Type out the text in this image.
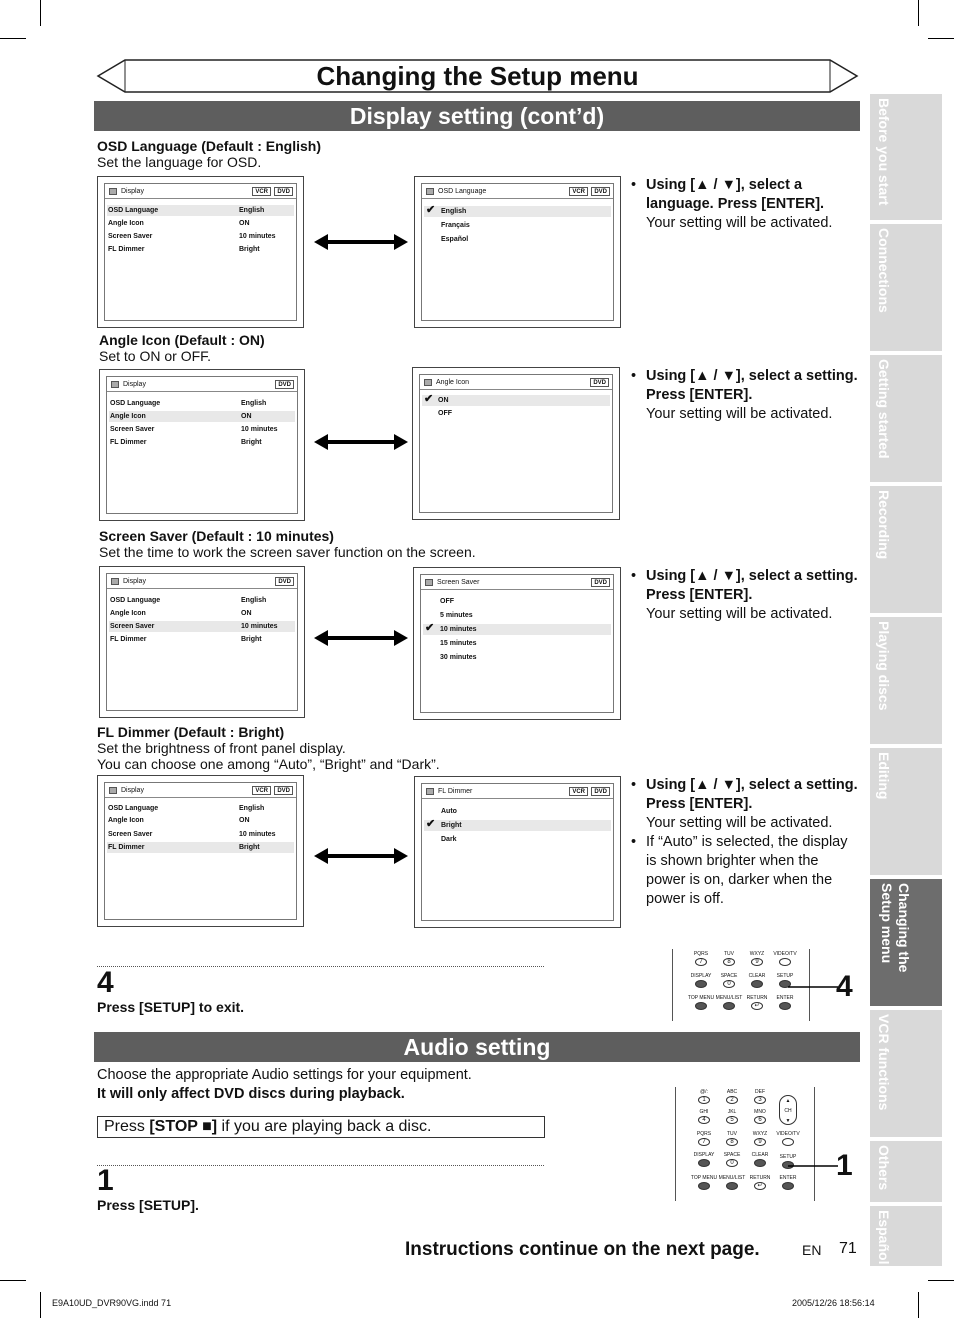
Changing the Setup menu
Display setting (cont’d)	Before you start
Connections
Getting started
Recording
Playing discs
Editing
Changing the
Setup menu
VCR functions
Others
Español
OSD Language (Default : English)
Set the language for OSD.
Display	VCR	DVD
OSD Language	English
Angle Icon	ON
Screen Saver	10 minutes
FL Dimmer	Bright
OSD Language	VCR	DVD
✔ English
Français
Español
• Using [▲ / ▼], select a language. Press [ENTER].
Your setting will be activated.
Angle Icon (Default : ON)
Set to ON or OFF.
Display	DVD
OSD Language	English
Angle Icon	ON
Screen Saver	10 minutes
FL Dimmer	Bright
Angle Icon	DVD
✔ ON
OFF
• Using [▲ / ▼], select a setting. Press [ENTER].
Your setting will be activated.
Screen Saver (Default : 10 minutes)
Set the time to work the screen saver function on the screen.
Display	DVD
OSD Language	English
Angle Icon	ON
Screen Saver	10 minutes
FL Dimmer	Bright
Screen Saver	DVD
OFF
5 minutes
✔ 10 minutes
15 minutes
30 minutes
• Using [▲ / ▼], select a setting. Press [ENTER].
Your setting will be activated.
FL Dimmer (Default : Bright)
Set the brightness of front panel display.
You can choose one among “Auto”, “Bright” and “Dark”.
Display	VCR	DVD
OSD Language	English
Angle Icon	ON
Screen Saver	10 minutes
FL Dimmer	Bright
FL Dimmer	VCR	DVD
Auto
✔ Bright
Dark
• Using [▲ / ▼], select a setting. Press [ENTER].
Your setting will be activated.
• If “Auto” is selected, the display is shown brighter when the power is on, darker when the power is off.
4
Press [SETUP] to exit.
PQRS
7
TUV
8
WXYZ
9
VIDEO/TV
DISPLAY	SPACE
0
CLEAR	SETUP
TOP MENU MENU/LIST RETURN
↵
ENTER 4
Audio setting
Choose the appropriate Audio settings for your equipment.
It will only affect DVD discs during playback.
Press [STOP ■] if you are playing back a disc.
1
Press [SETUP].
@/:
1
ABC
2
DEF
3
GHI
4
JKL
5
MNO
6
▲
CH
▼
PQRS
7
TUV
8
WXYZ
9
VIDEO/TV
DISPLAY	SPACE
0
CLEAR	SETUP
TOP MENU MENU/LIST RETURN
↵
ENTER 1
Instructions continue on the next page.	EN 71
E9A10UD_DVR90VG.indd 71	2005/12/26 18:56:14
